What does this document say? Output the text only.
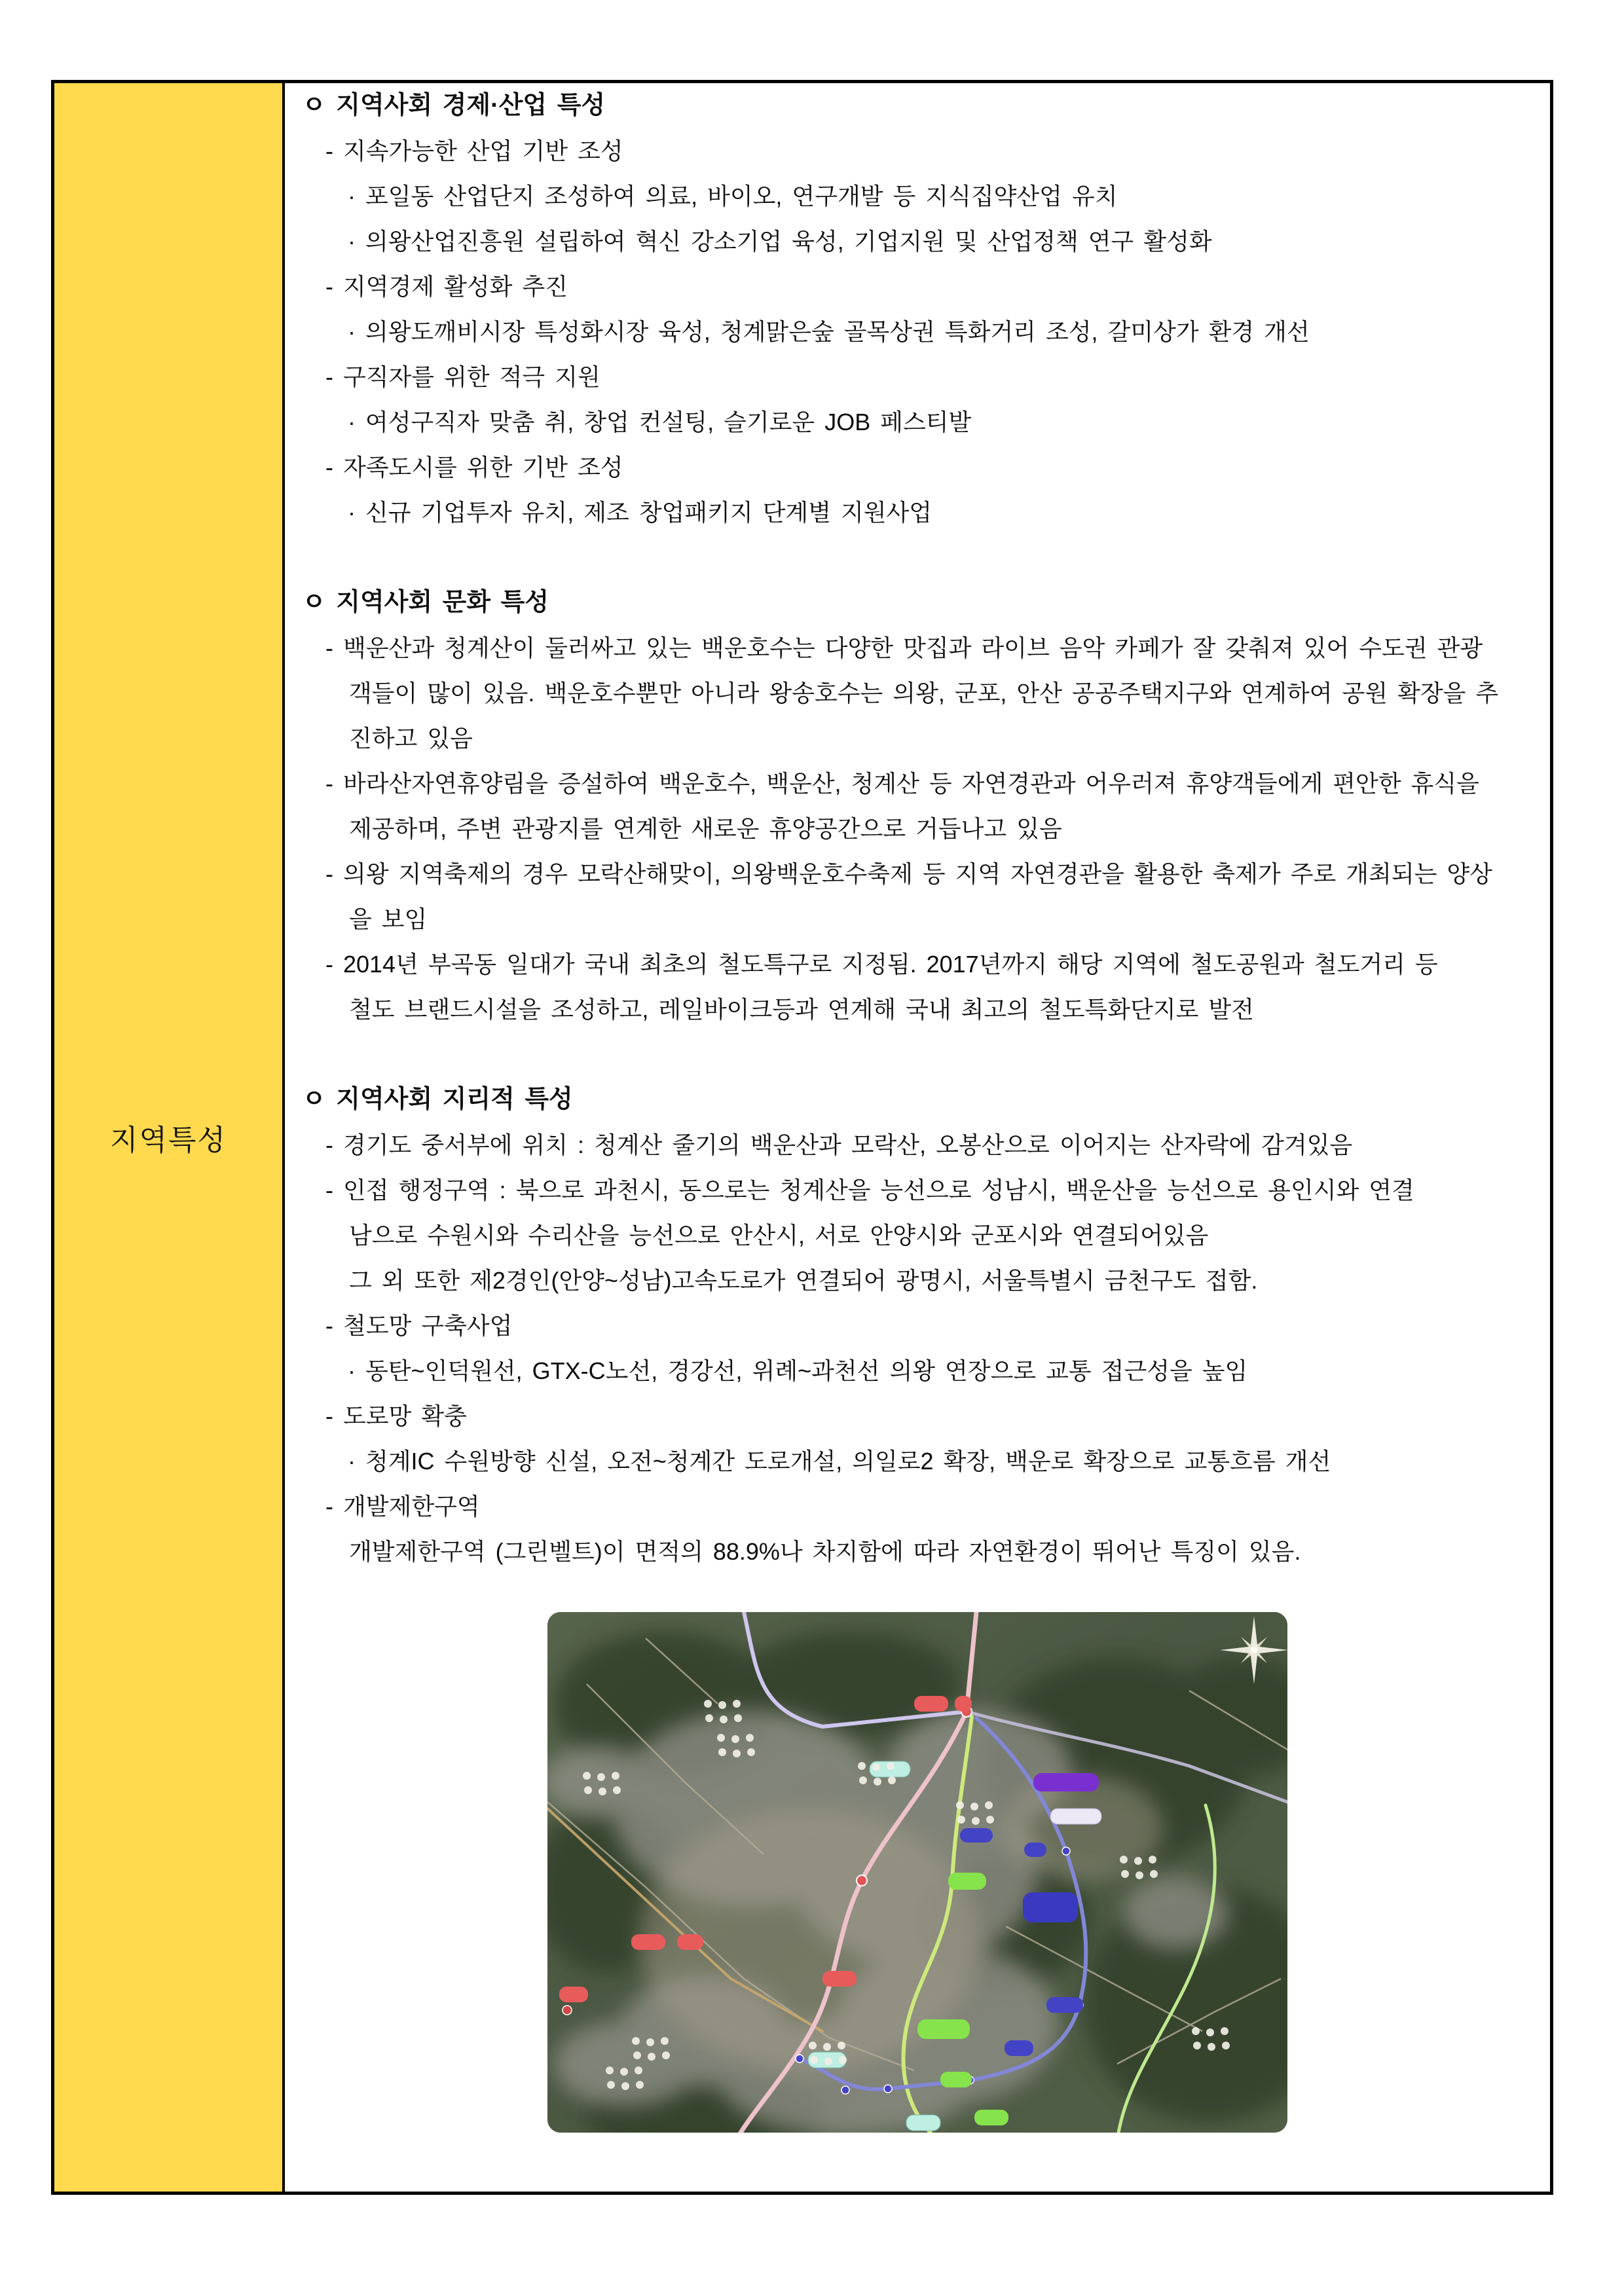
지역특성
ㅇ 지역사회 경제·산업 특성
- 지속가능한 산업 기반 조성
· 포일동 산업단지 조성하여 의료, 바이오, 연구개발 등 지식집약산업 유치
· 의왕산업진흥원 설립하여 혁신 강소기업 육성, 기업지원 및 산업정책 연구 활성화
- 지역경제 활성화 추진
· 의왕도깨비시장 특성화시장 육성, 청계맑은숲 골목상권 특화거리 조성, 갈미상가 환경 개선
- 구직자를 위한 적극 지원
· 여성구직자 맞춤 취, 창업 컨설팅, 슬기로운 JOB 페스티발
- 자족도시를 위한 기반 조성
· 신규 기업투자 유치, 제조 창업패키지 단계별 지원사업
ㅇ 지역사회 문화 특성
- 백운산과 청계산이 둘러싸고 있는 백운호수는 다양한 맛집과 라이브 음악 카페가 잘 갖춰져 있어 수도권 관광
객들이 많이 있음. 백운호수뿐만 아니라 왕송호수는 의왕, 군포, 안산 공공주택지구와 연계하여 공원 확장을 추
진하고 있음
- 바라산자연휴양림을 증설하여 백운호수, 백운산, 청계산 등 자연경관과 어우러져 휴양객들에게 편안한 휴식을
제공하며, 주변 관광지를 연계한 새로운 휴양공간으로 거듭나고 있음
- 의왕 지역축제의 경우 모락산해맞이, 의왕백운호수축제 등 지역 자연경관을 활용한 축제가 주로 개최되는 양상
을 보임
- 2014년 부곡동 일대가 국내 최초의 철도특구로 지정됨. 2017년까지 해당 지역에 철도공원과 철도거리 등
철도 브랜드시설을 조성하고, 레일바이크등과 연계해 국내 최고의 철도특화단지로 발전
ㅇ 지역사회 지리적 특성
- 경기도 중서부에 위치 : 청계산 줄기의 백운산과 모락산, 오봉산으로 이어지는 산자락에 감겨있음
- 인접 행정구역 : 북으로 과천시, 동으로는 청계산을 능선으로 성남시, 백운산을 능선으로 용인시와 연결
남으로 수원시와 수리산을 능선으로 안산시, 서로 안양시와 군포시와 연결되어있음
그 외 또한 제2경인(안양~성남)고속도로가 연결되어 광명시, 서울특별시 금천구도 접함.
- 철도망 구축사업
· 동탄~인덕원선, GTX-C노선, 경강선, 위례~과천선 의왕 연장으로 교통 접근성을 높임
- 도로망 확충
· 청계IC 수원방향 신설, 오전~청계간 도로개설, 의일로2 확장, 백운로 확장으로 교통흐름 개선
- 개발제한구역
개발제한구역 (그린벨트)이 면적의 88.9%나 차지함에 따라 자연환경이 뛰어난 특징이 있음.
